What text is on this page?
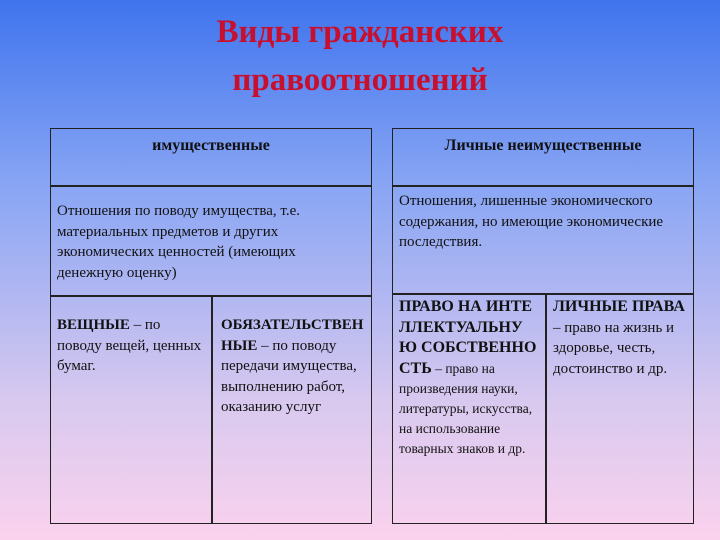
Виды гражданских
правоотношений
имущественные
Отношения по поводу имущества, т.е. материальных предметов и других экономических ценностей (имеющих денежную оценку)
ВЕЩНЫЕ – по поводу вещей, ценных бумаг.
ОБЯЗАТЕЛЬСТВЕННЫЕ – по поводу передачи имущества, выполнению работ, оказанию услуг
Личные неимущественные
Отношения, лишенные экономического содержания, но имеющие экономические последствия.
ПРАВО НА ИНТЕЛЛЕКТУАЛЬНУЮ СОБСТВЕННОСТЬ – право на
произведения науки, литературы, искусства, на использование товарных знаков и др.
ЛИЧНЫЕ ПРАВА – право на жизнь и здоровье, честь, достоинство и др.
